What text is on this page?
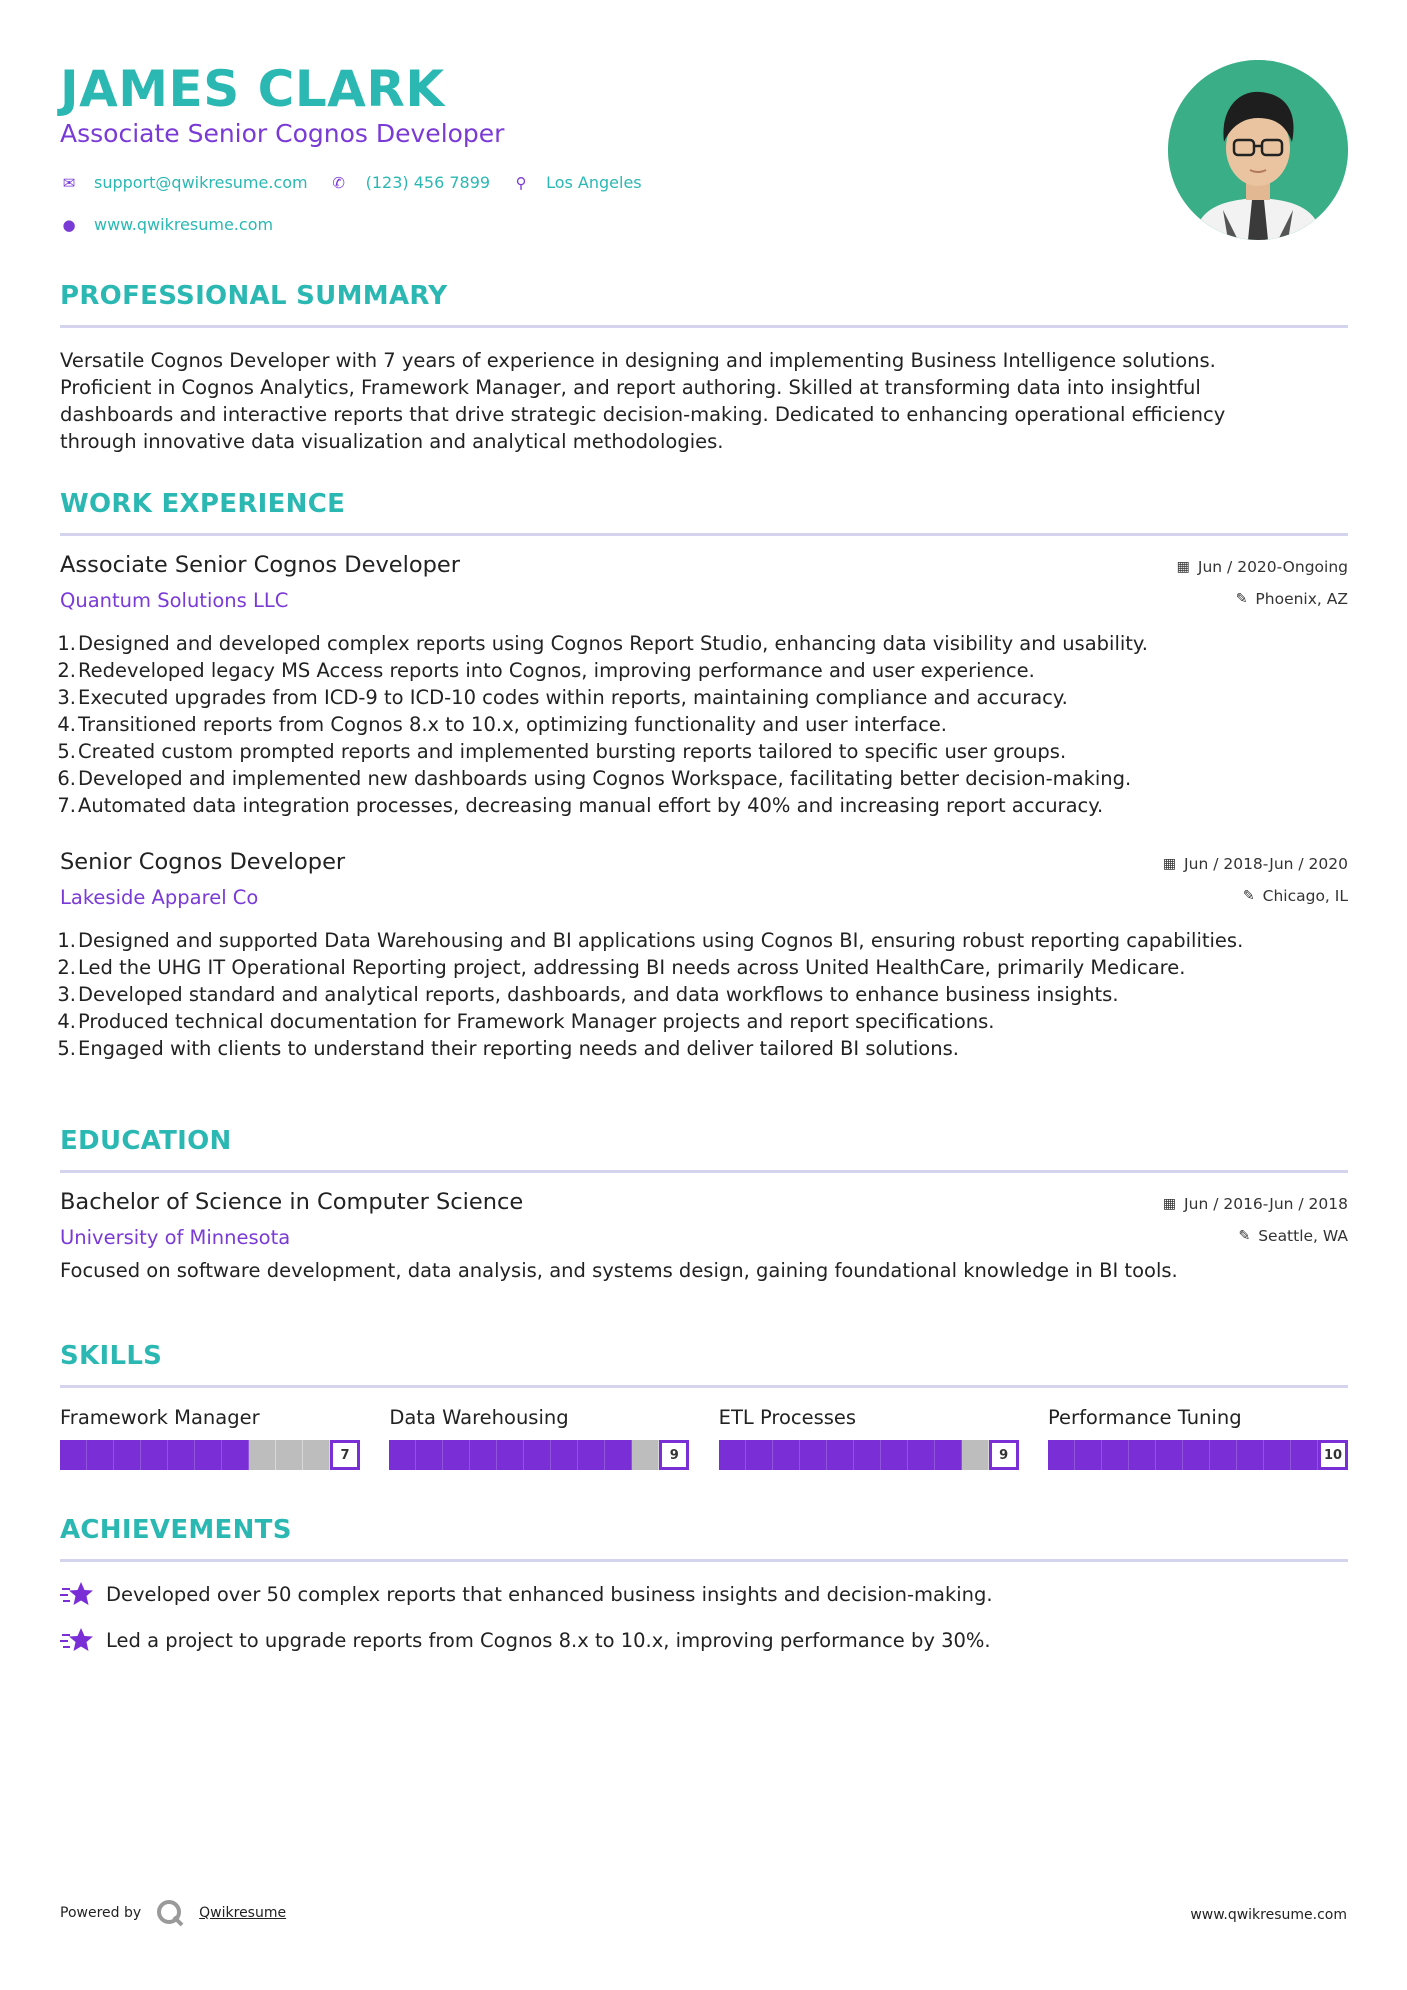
JAMES CLARK
Associate Senior Cognos Developer
✉ support@qwikresume.com ✆ (123) 456 7899 ⚲ Los Angeles
● www.qwikresume.com
PROFESSIONAL SUMMARY
Versatile Cognos Developer with 7 years of experience in designing and implementing Business Intelligence solutions.
Proficient in Cognos Analytics, Framework Manager, and report authoring. Skilled at transforming data into insightful
dashboards and interactive reports that drive strategic decision-making. Dedicated to enhancing operational efficiency
through innovative data visualization and analytical methodologies.
WORK EXPERIENCE
Associate Senior Cognos Developer
Quantum Solutions LLC
▦ Jun / 2020-Ongoing
✎ Phoenix, AZ
1. Designed and developed complex reports using Cognos Report Studio, enhancing data visibility and usability.
2. Redeveloped legacy MS Access reports into Cognos, improving performance and user experience.
3. Executed upgrades from ICD-9 to ICD-10 codes within reports, maintaining compliance and accuracy.
4. Transitioned reports from Cognos 8.x to 10.x, optimizing functionality and user interface.
5. Created custom prompted reports and implemented bursting reports tailored to specific user groups.
6. Developed and implemented new dashboards using Cognos Workspace, facilitating better decision-making.
7. Automated data integration processes, decreasing manual effort by 40% and increasing report accuracy.
Senior Cognos Developer
Lakeside Apparel Co
▦ Jun / 2018-Jun / 2020
✎ Chicago, IL
1. Designed and supported Data Warehousing and BI applications using Cognos BI, ensuring robust reporting capabilities.
2. Led the UHG IT Operational Reporting project, addressing BI needs across United HealthCare, primarily Medicare.
3. Developed standard and analytical reports, dashboards, and data workflows to enhance business insights.
4. Produced technical documentation for Framework Manager projects and report specifications.
5. Engaged with clients to understand their reporting needs and deliver tailored BI solutions.
EDUCATION
Bachelor of Science in Computer Science
University of Minnesota
▦ Jun / 2016-Jun / 2018
✎ Seattle, WA
Focused on software development, data analysis, and systems design, gaining foundational knowledge in BI tools.
SKILLS
Framework Manager
7
Data Warehousing
9
ETL Processes
9
Performance Tuning
10
ACHIEVEMENTS
Developed over 50 complex reports that enhanced business insights and decision-making.
Led a project to upgrade reports from Cognos 8.x to 10.x, improving performance by 30%.
Powered by	Qwikresume	www.qwikresume.com
